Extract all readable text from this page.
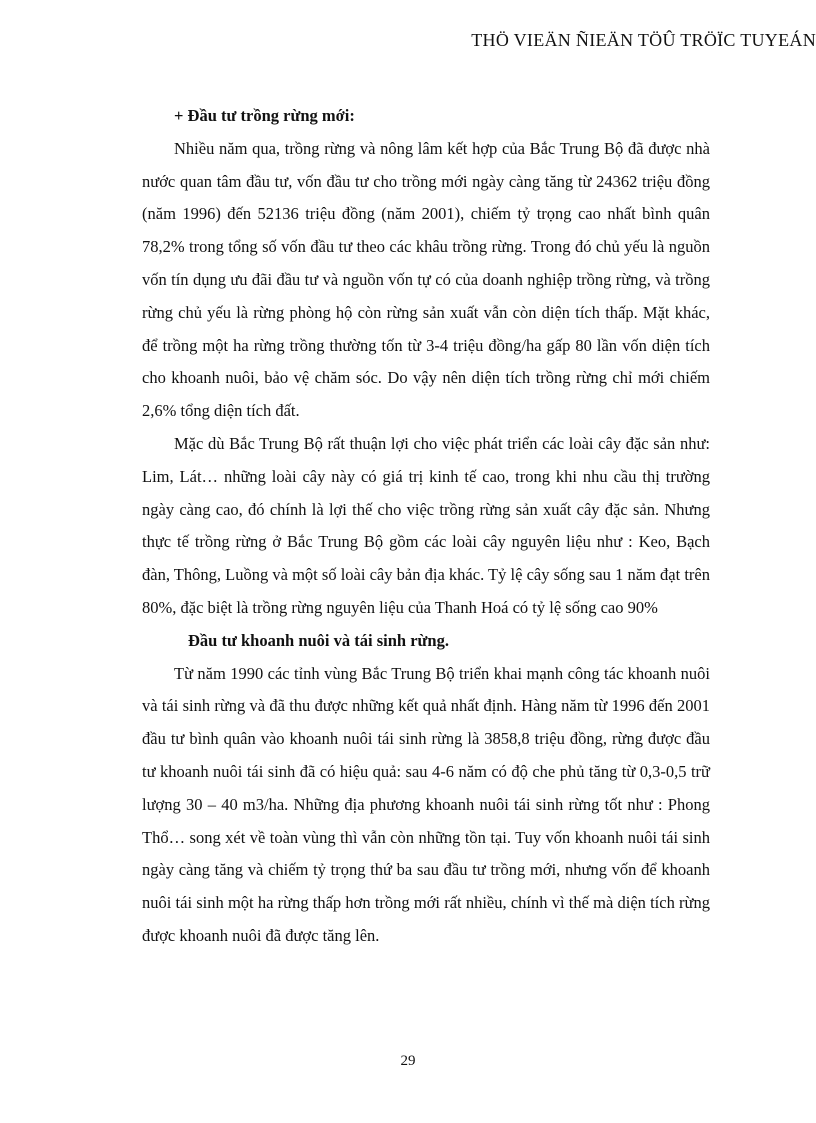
THÖ VIEÄN ÑIEÄN TÖÛ TRÖÏC TUYEÁN

+ Đầu tư trồng rừng mới:

Nhiều năm qua, trồng rừng và nông lâm kết hợp của Bắc Trung Bộ đã được nhà nước quan tâm đầu tư, vốn đầu tư cho trồng mới ngày càng tăng từ 24362 triệu đồng (năm 1996) đến 52136 triệu đồng (năm 2001), chiếm tỷ trọng cao nhất bình quân 78,2% trong tổng số vốn đầu tư theo các khâu trồng rừng. Trong đó chủ yếu là nguồn vốn tín dụng ưu đãi đầu tư và nguồn vốn tự có của doanh nghiệp trồng rừng, và trồng rừng chủ yếu là rừng phòng hộ còn rừng sản xuất vẫn còn diện tích thấp. Mặt khác, để trồng một ha rừng trồng thường tốn từ 3-4 triệu đồng/ha gấp 80 lần vốn diện tích cho khoanh nuôi, bảo vệ chăm sóc. Do vậy nên diện tích trồng rừng chỉ mới chiếm 2,6% tổng diện tích đất.

Mặc dù Bắc Trung Bộ rất thuận lợi cho việc phát triển các loài cây đặc sản như: Lim, Lát… những loài cây này có giá trị kinh tế cao, trong khi nhu cầu thị trường ngày càng cao, đó chính là lợi thế cho việc trồng rừng sản xuất cây đặc sản. Nhưng thực tế trồng rừng ở Bắc Trung Bộ gồm các loài cây nguyên liệu như : Keo, Bạch đàn, Thông, Luồng và một số loài cây bản địa khác. Tỷ lệ cây sống sau 1 năm đạt trên 80%, đặc biệt là trồng rừng nguyên liệu của Thanh Hoá có tỷ lệ sống cao 90%

Đầu tư khoanh nuôi và tái sinh rừng.

Từ năm 1990 các tỉnh vùng Bắc Trung Bộ triển khai mạnh công tác khoanh nuôi và tái sinh rừng và đã thu được những kết quả nhất định. Hàng năm từ 1996 đến 2001 đầu tư bình quân vào khoanh nuôi tái sinh rừng là 3858,8 triệu đồng, rừng được đầu tư khoanh nuôi tái sinh đã có hiệu quả: sau 4-6 năm có độ che phủ tăng từ 0,3-0,5 trữ lượng 30 – 40 m3/ha. Những địa phương khoanh nuôi tái sinh rừng tốt như : Phong Thổ… song xét về toàn vùng thì vẫn còn những tồn tại. Tuy vốn khoanh nuôi tái sinh ngày càng tăng và chiếm tỷ trọng thứ ba sau đầu tư trồng mới, nhưng vốn để khoanh nuôi tái sinh một ha rừng thấp hơn trồng mới rất nhiều, chính vì thế mà diện tích rừng được khoanh nuôi đã được tăng lên.

29
